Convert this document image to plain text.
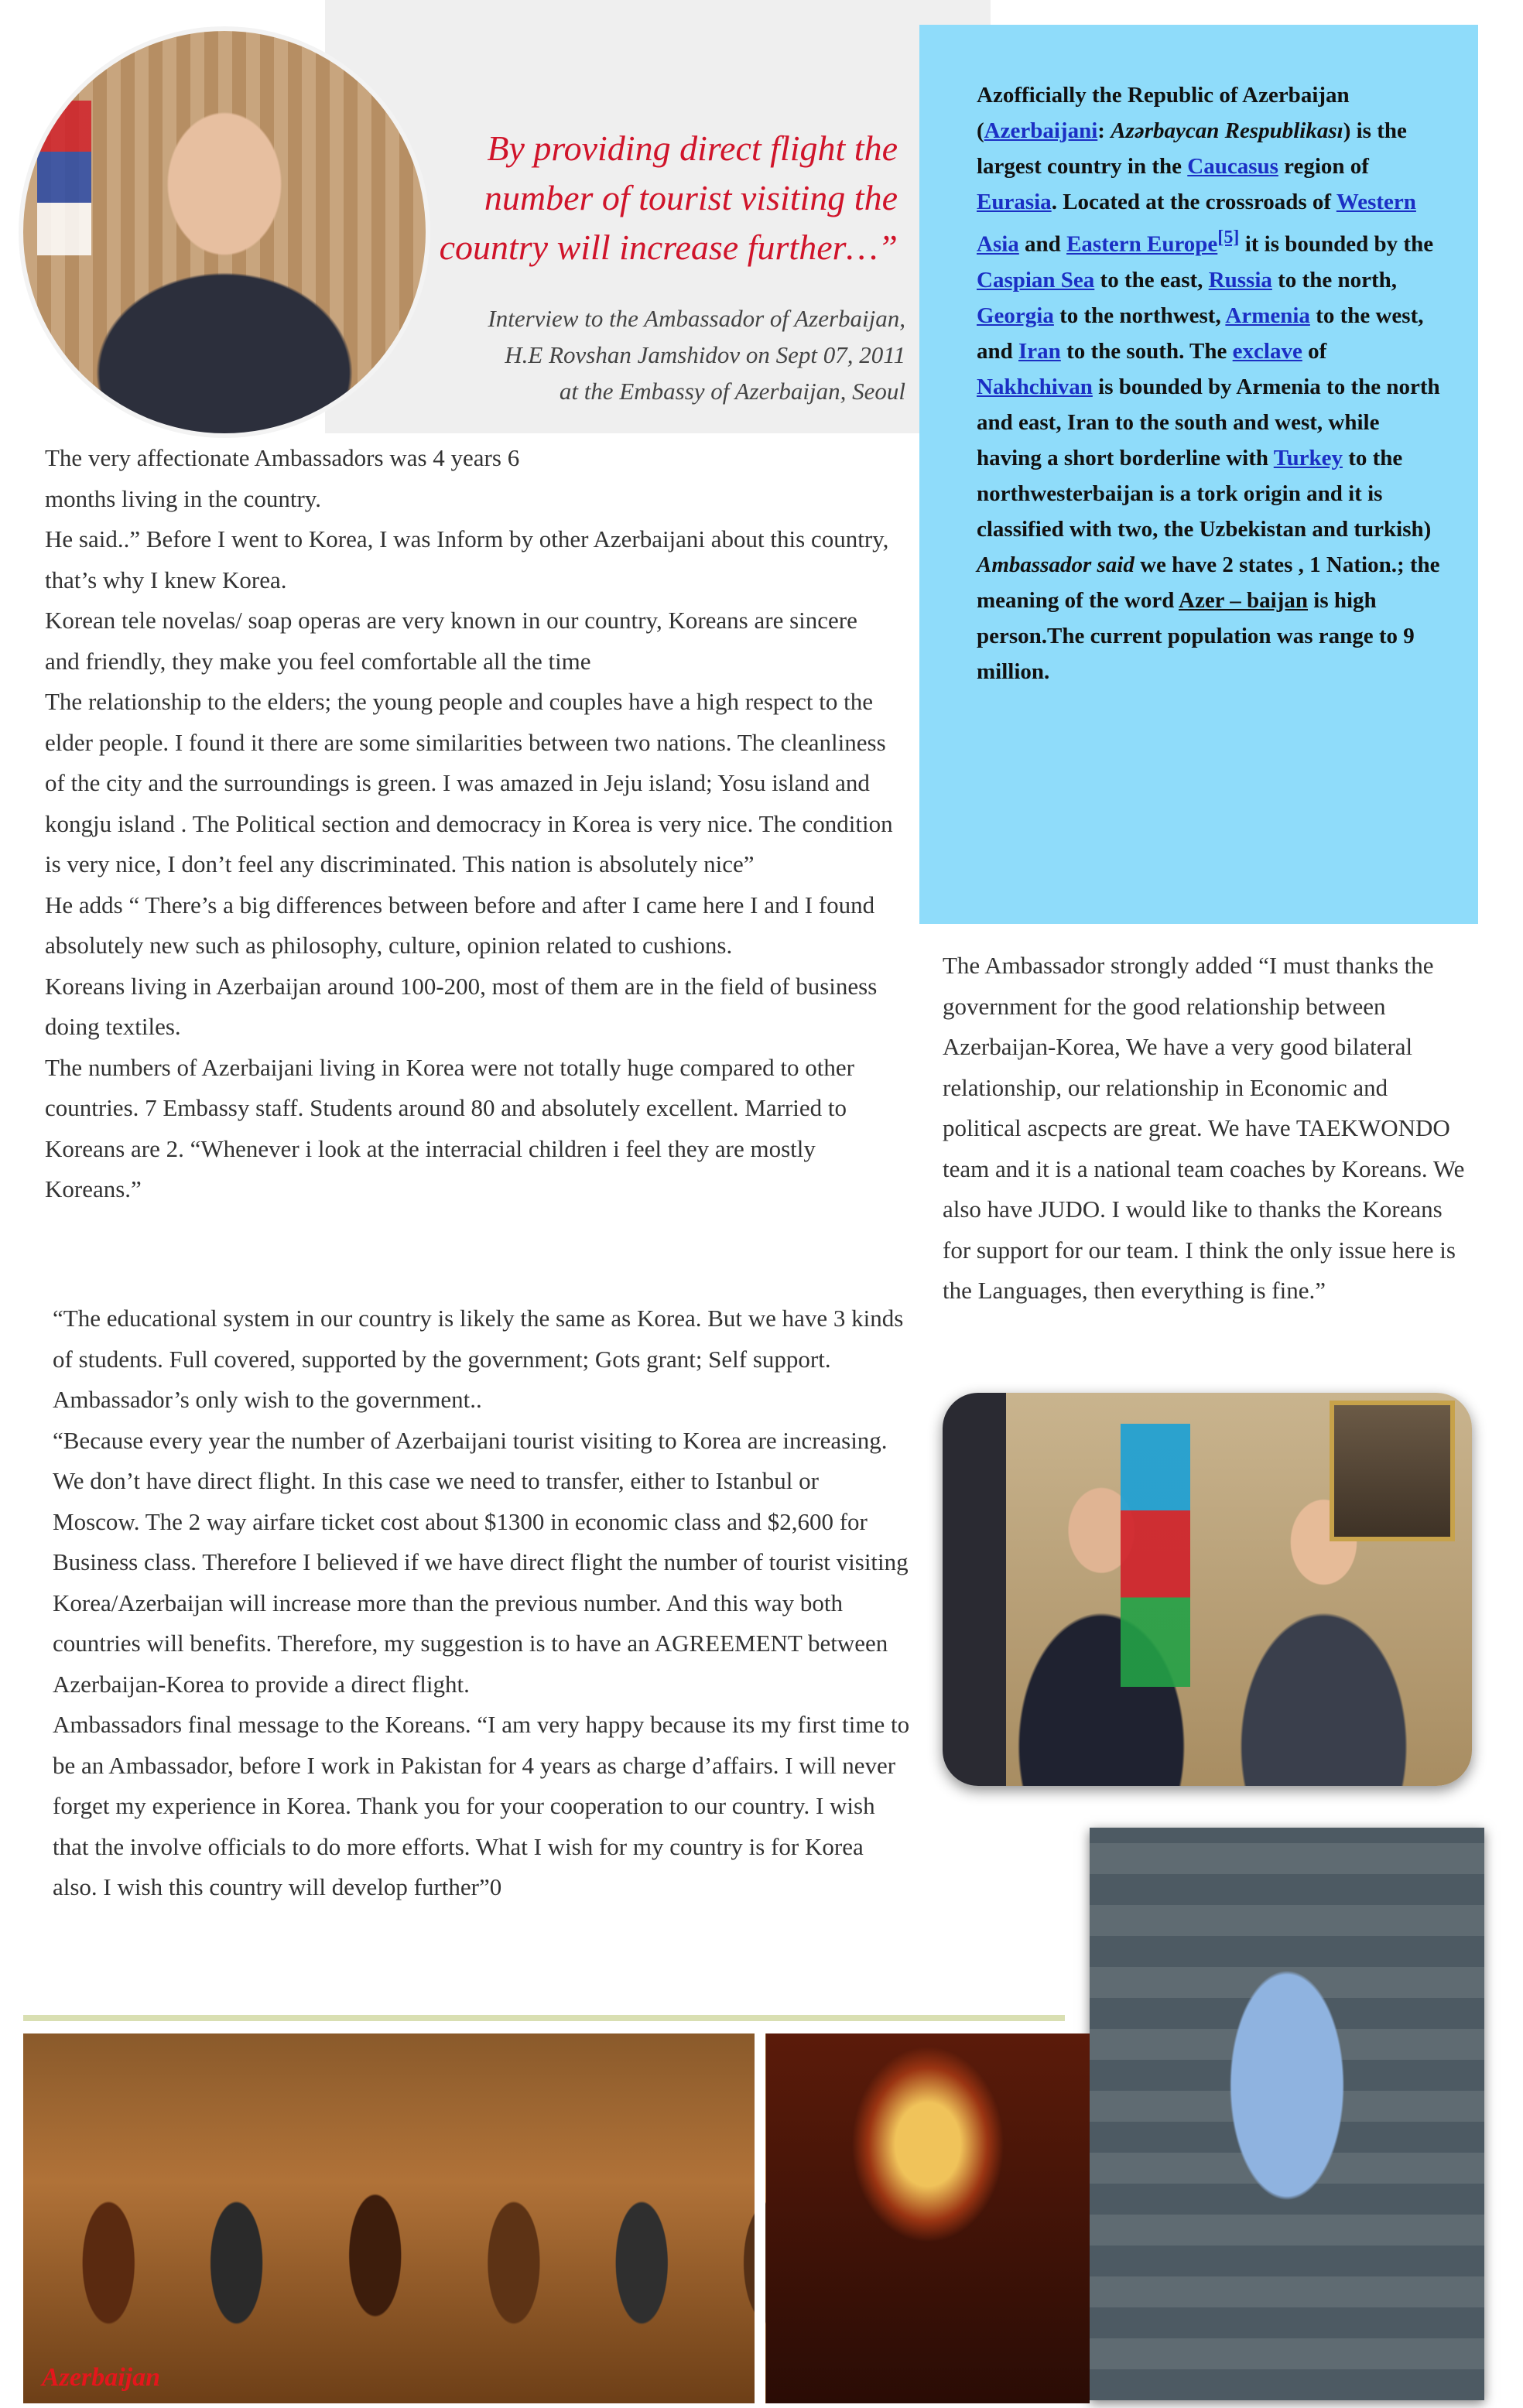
By providing direct flight the number of tourist visiting the country will increase further…”
Interview to the Ambassador of Azerbaijan,
H.E Rovshan Jamshidov on Sept 07, 2011
at the Embassy of Azerbaijan, Seoul
Azofficially the Republic of Azerbaijan (Azerbaijani: Azərbaycan Respublikası) is the largest country in the Caucasus region of Eurasia. Located at the crossroads of Western Asia and Eastern Europe[5] it is bounded by the Caspian Sea to the east, Russia to the north, Georgia to the northwest, Armenia to the west, and Iran to the south. The exclave of Nakhchivan is bounded by Armenia to the north and east, Iran to the south and west, while having a short borderline with Turkey to the northwesterbaijan is a tork origin and it is classified with two, the Uzbekistan and turkish)
Ambassador said we have 2 states , 1 Nation.; the meaning of the word Azer – baijan is high person.The current population was range to 9 million.

The very affectionate Ambassadors was 4 years 6

months living in the country.

He said..” Before I went to Korea, I was Inform by other Azerbaijani about this country, that’s why I knew Korea.

Korean tele novelas/ soap operas are very known in our country, Koreans are sincere and friendly, they make you feel comfortable all the time

The relationship to the elders; the young people and couples have a high respect to the elder people. I found it there are some similarities between two nations. The cleanliness of the city and the surroundings is green. I was amazed in Jeju island; Yosu island and kongju island . The Political section and democracy in Korea is very nice. The condition is very nice, I don’t feel any discriminated. This nation is absolutely nice”

He adds “ There’s a big differences between before and after I came here I and I found absolutely new such as philosophy, culture, opinion related to cushions.

Koreans living in Azerbaijan around 100-200, most of them are in the field of business doing textiles.

The numbers of Azerbaijani living in Korea were not totally huge compared to other countries. 7 Embassy staff. Students around 80 and absolutely excellent. Married to Koreans are 2. “Whenever i look at the interracial children i feel they are mostly Koreans.”

“The educational system in our country is likely the same as Korea. But we have 3 kinds of students. Full covered, supported by the government; Gots grant; Self support.

Ambassador’s only wish to the government..

“Because every year the number of Azerbaijani tourist visiting to Korea are increasing. We don’t have direct flight. In this case we need to transfer, either to Istanbul or Moscow. The 2 way airfare ticket cost about $1300 in economic class and $2,600 for Business class. Therefore I believed if we have direct flight the number of tourist visiting Korea/Azerbaijan will increase more than the previous number. And this way both countries will benefits. Therefore, my suggestion is to have an AGREEMENT between Azerbaijan-Korea to provide a direct flight.

Ambassadors final message to the Koreans. “I am very happy because its my first time to be an Ambassador, before I work in Pakistan for 4 years as charge d’affairs. I will never forget my experience in Korea. Thank you for your cooperation to our country. I wish that the involve officials to do more efforts. What I wish for my country is for Korea also. I wish this country will develop further”0

The Ambassador strongly added “I must thanks the government for the good relationship between Azerbaijan-Korea, We have a very good bilateral relationship, our relationship in Economic and political ascpects are great. We have TAEKWONDO team and it is a national team coaches by Koreans. We also have JUDO. I would like to thanks the Koreans for support for our team. I think the only issue here is the Languages, then everything is fine.”
Azerbaijan
